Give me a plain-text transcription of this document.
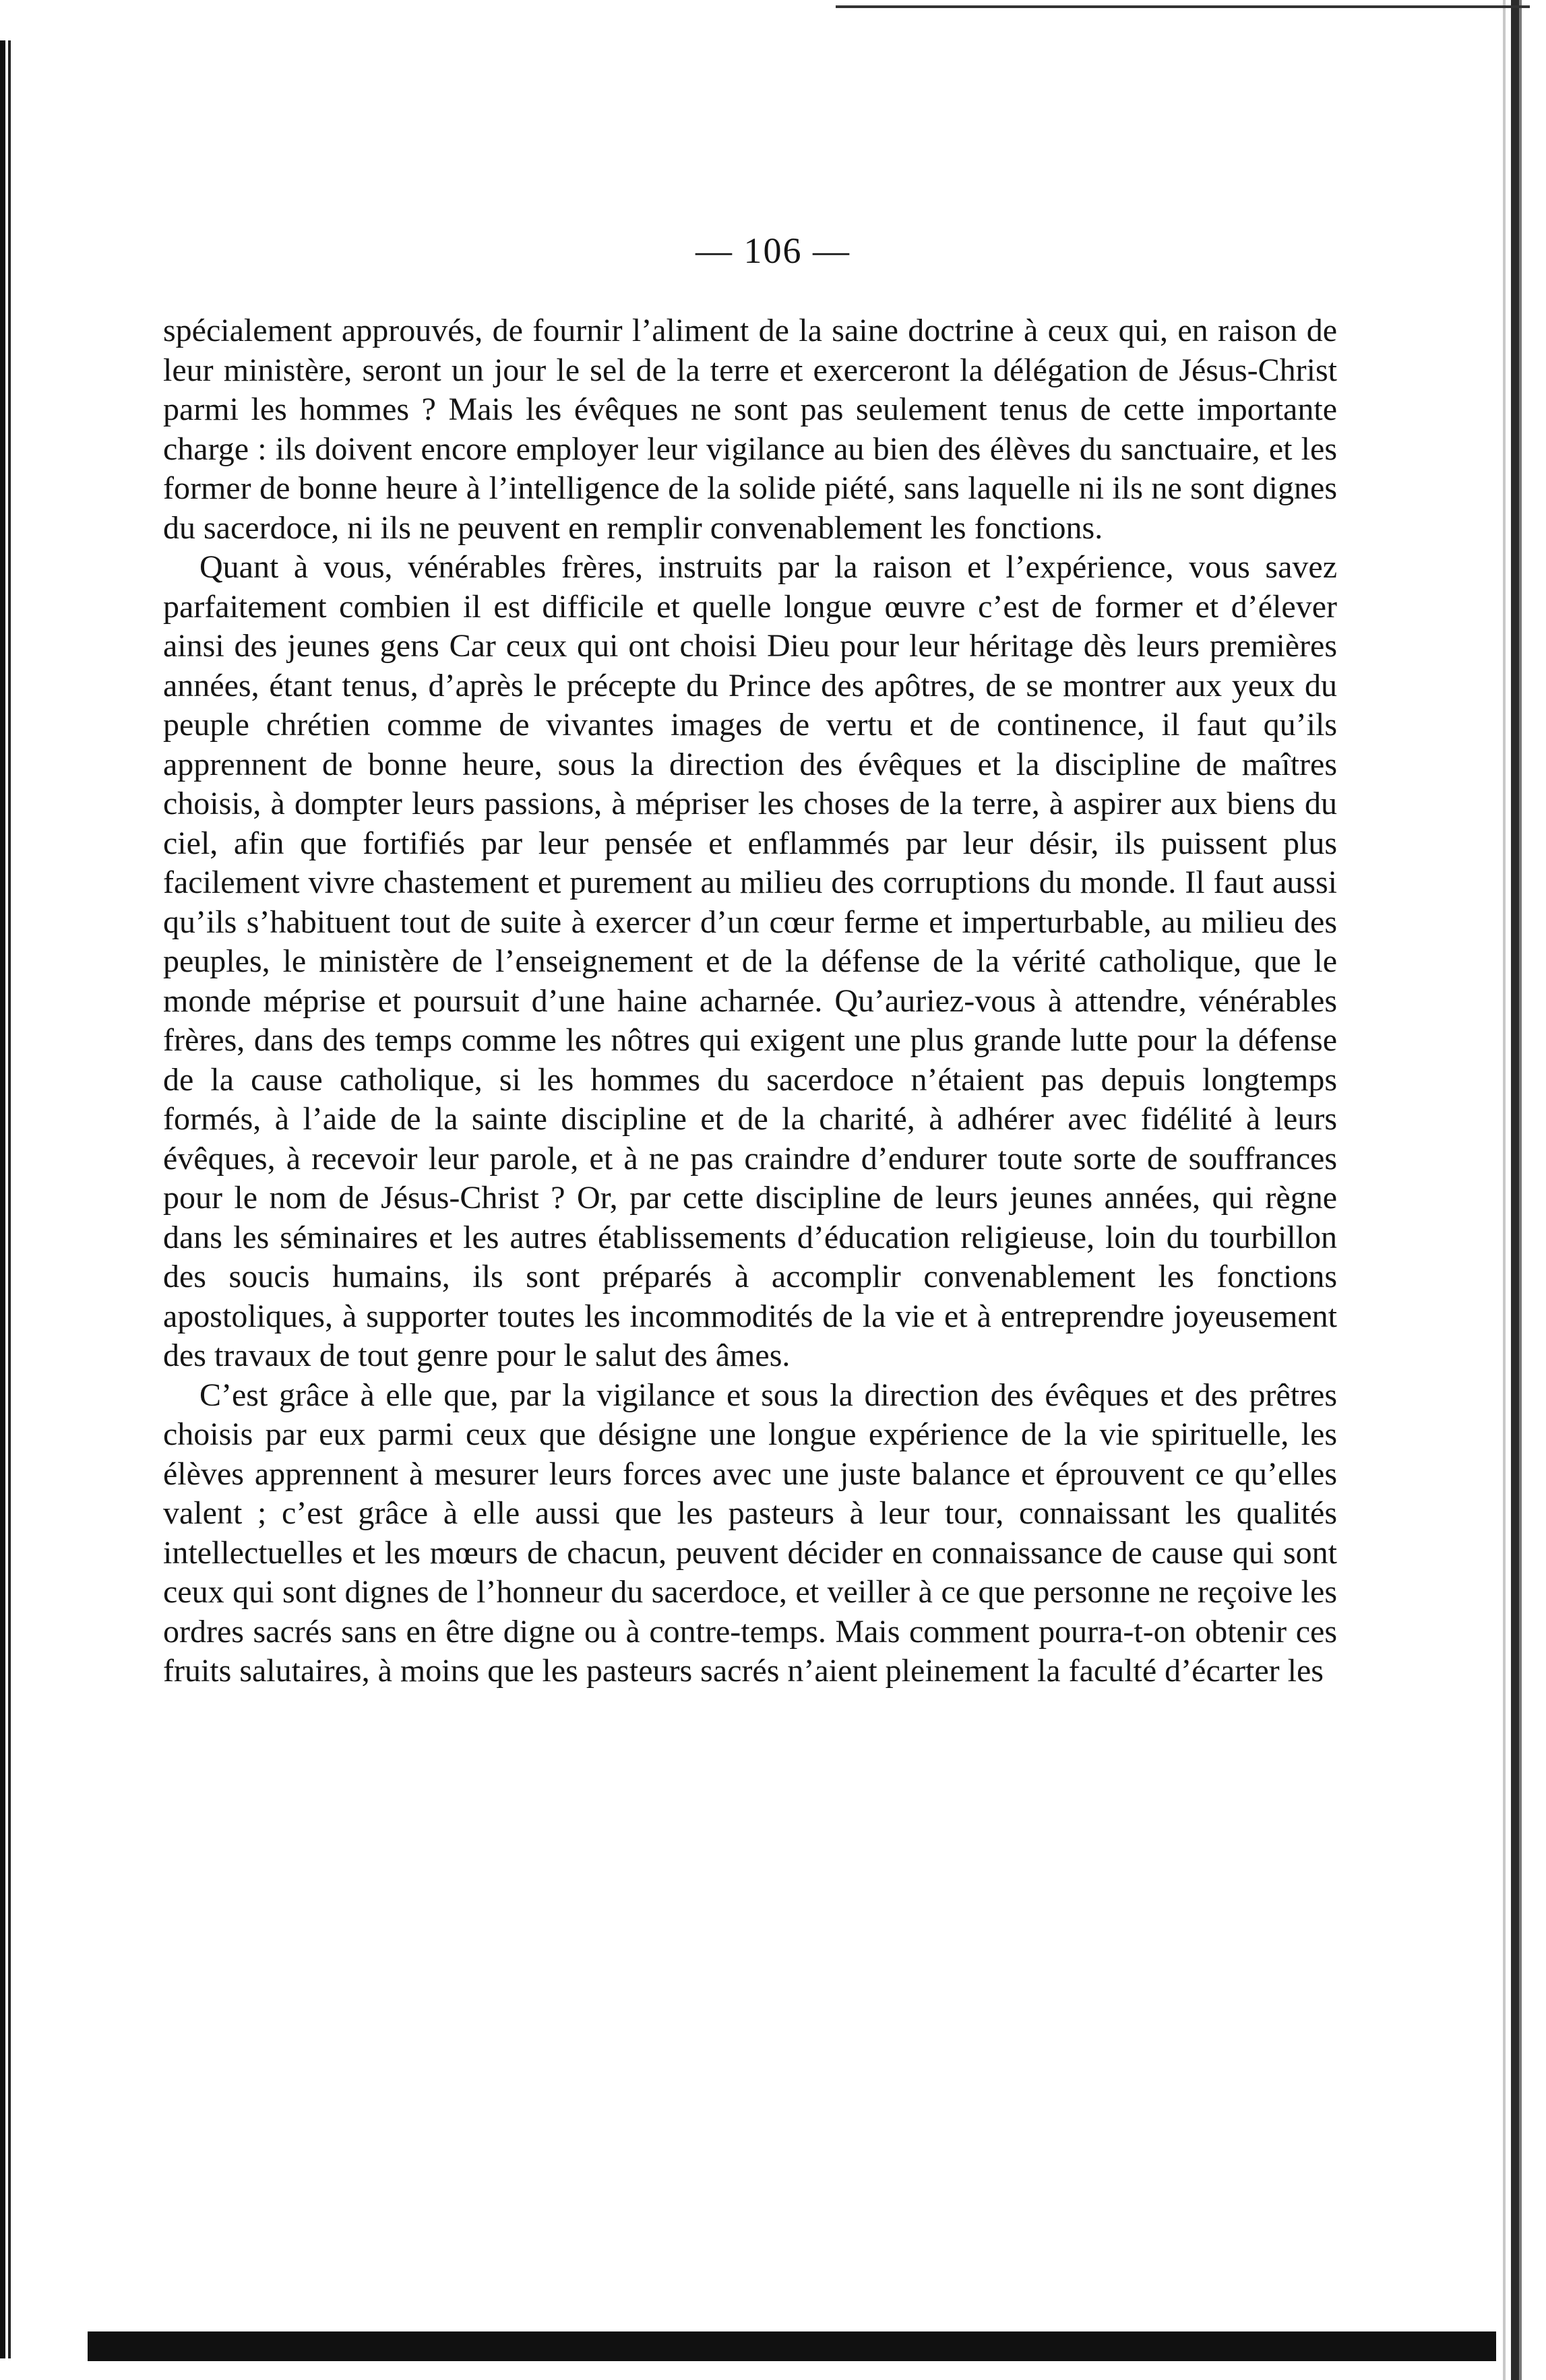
— 106 —

spécialement approuvés, de fournir l’aliment de la saine doctrine à ceux qui, en raison de leur ministère, seront un jour le sel de la terre et exerceront la délégation de Jésus-Christ parmi les hommes ? Mais les évêques ne sont pas seulement tenus de cette importante charge : ils doivent encore employer leur vigilance au bien des élèves du sanctuaire, et les former de bonne heure à l’intelligence de la solide piété, sans laquelle ni ils ne sont dignes du sacerdoce, ni ils ne peuvent en remplir convenablement les fonctions.

Quant à vous, vénérables frères, instruits par la raison et l’expérience, vous savez parfaitement combien il est difficile et quelle longue œuvre c’est de former et d’élever ainsi des jeunes gens Car ceux qui ont choisi Dieu pour leur héritage dès leurs premières années, étant tenus, d’après le précepte du Prince des apôtres, de se montrer aux yeux du peuple chrétien comme de vivantes images de vertu et de continence, il faut qu’ils apprennent de bonne heure, sous la direction des évêques et la discipline de maîtres choisis, à dompter leurs passions, à mépriser les choses de la terre, à aspirer aux biens du ciel, afin que fortifiés par leur pensée et enflammés par leur désir, ils puissent plus facilement vivre chastement et purement au milieu des corruptions du monde. Il faut aussi qu’ils s’habituent tout de suite à exercer d’un cœur ferme et imperturbable, au milieu des peuples, le ministère de l’enseignement et de la défense de la vérité catholique, que le monde méprise et poursuit d’une haine acharnée. Qu’auriez-vous à attendre, vénérables frères, dans des temps comme les nôtres qui exigent une plus grande lutte pour la défense de la cause catholique, si les hommes du sacerdoce n’étaient pas depuis longtemps formés, à l’aide de la sainte discipline et de la charité, à adhérer avec fidélité à leurs évêques, à recevoir leur parole, et à ne pas craindre d’endurer toute sorte de souffrances pour le nom de Jésus-Christ ? Or, par cette discipline de leurs jeunes années, qui règne dans les séminaires et les autres établissements d’éducation religieuse, loin du tourbillon des soucis humains, ils sont préparés à accomplir convenablement les fonctions apostoliques, à supporter toutes les incommodités de la vie et à entreprendre joyeusement des travaux de tout genre pour le salut des âmes.

C’est grâce à elle que, par la vigilance et sous la direction des évêques et des prêtres choisis par eux parmi ceux que désigne une longue expérience de la vie spirituelle, les élèves apprennent à mesurer leurs forces avec une juste balance et éprouvent ce qu’elles valent ; c’est grâce à elle aussi que les pasteurs à leur tour, connaissant les qualités intellectuelles et les mœurs de chacun, peuvent décider en connaissance de cause qui sont ceux qui sont dignes de l’honneur du sacerdoce, et veiller à ce que personne ne reçoive les ordres sacrés sans en être digne ou à contre-temps. Mais comment pourra-t-on obtenir ces fruits salutaires, à moins que les pasteurs sacrés n’aient pleinement la faculté d’écarter les
